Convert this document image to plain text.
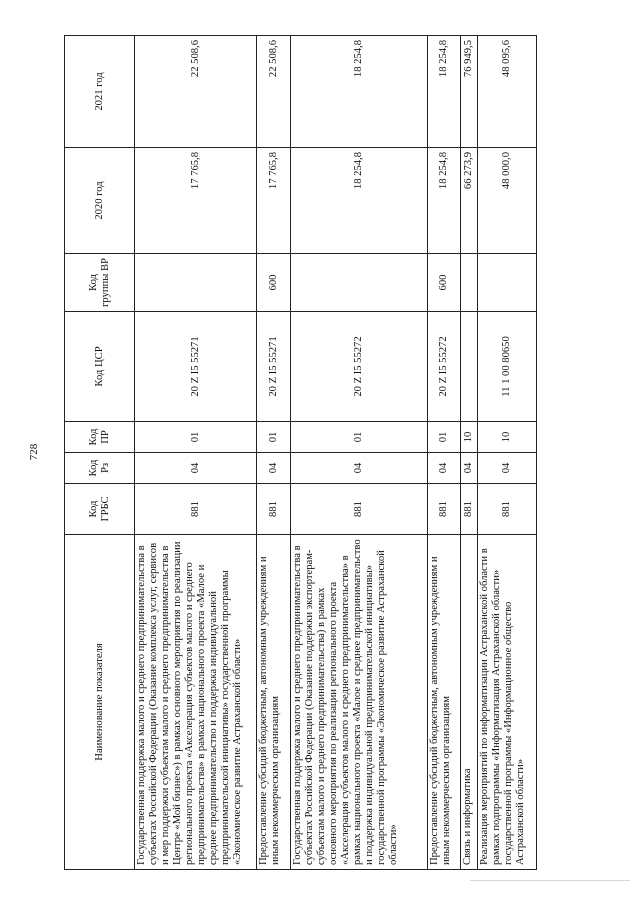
728
Наименование показателя	Код ГРБС	Код Рз	Код ПР	Код ЦСР	Код группы ВР	2020 год	2021 год
Государственная поддержка малого и среднего предпринимательства в субъектах Российской Федерации (Оказание комплекса услуг, сервисов и мер поддержки субъектам малого и среднего предпринимательства в Центре «Мой бизнес») в рамках основного мероприятия по реализации регионального проекта «Акселерация субъектов малого и среднего предпринимательства» в рамках национального проекта «Малое и среднее предпринимательство и поддержка индивидуальной предпринимательской инициативы» государственной программы «Экономическое развитие Астраханской области»	881	04	01	20 Z I5 55271		17 765,8	22 508,6
Предоставление субсидий бюджетным, автономным учреждениям и иным некоммерческим организациям	881	04	01	20 Z I5 55271	600	17 765,8	22 508,6
Государственная поддержка малого и среднего предпринимательства в субъектах Российской Федерации (Оказание поддержки экспортерам-субъектам малого и среднего предпринимательства) в рамках основного мероприятия по реализации регионального проекта «Акселерация субъектов малого и среднего предпринимательства» в рамках национального проекта «Малое и среднее предпринимательство и поддержка индивидуальной предпринимательской инициативы» государственной программы «Экономическое развитие Астраханской области»	881	04	01	20 Z I5 55272		18 254,8	18 254,8
Предоставление субсидий бюджетным, автономным учреждениям и иным некоммерческим организациям	881	04	01	20 Z I5 55272	600	18 254,8	18 254,8
Связь и информатика	881	04	10			66 273,9	76 949,5
Реализация мероприятий по информатизации Астраханской области в рамках подпрограммы «Информатизация Астраханской области» государственной программы «Информационное общество Астраханской области»	881	04	10	11 1 00 80650		48 000,0	48 095,6
